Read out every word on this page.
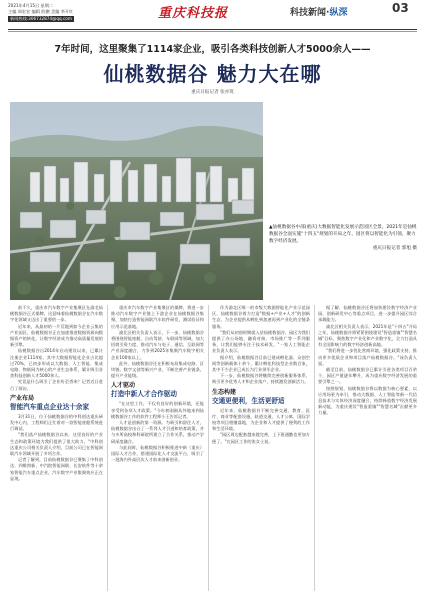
2021年4月15日 星期二
主编 周宏宏 编辑 欧鹏 美编 李开红
新闻热线:306732874@qq.com	重庆科技报	科技新闻·纵深	03
7年时间，这里聚集了1114家企业，吸引各类科技创新人才5000余人——
仙桃数据谷 魅力大在哪
重庆日报记者 张亦筑
▲仙桃数据谷中部(重庆)大数据智能化发展示范园区全景。2021年是仙桃数据谷全面实施"十四五"规划的开局之年，园区将以智能化为引领，聚力数字经济发展。
重庆日报记者 郭旭 摄

前不久，重庆市汽车数字产业集聚区在渝北仙桃数据谷正式揭牌，这意味着仙桃数据谷在汽车数字化领域又迈出了重要的一步。

近年来，从最初的一片荒地到如今企业云集的产业园区，仙桃数据谷正在加速推进数据资源向数据资产的转化，让数字经济成为推动高质量发展的新引擎。

仙桃数据谷自2014年启动建设以来，已累计注册企业1114家，其中大数据智能化企业占比超过70%，已初步形成以大数据、人工智能、集成电路、物联网为核心的产业生态体系，累计吸引各类科技创新人才5000余人。

究竟是什么吸引了企业纷至沓来？记者近日进行了探访。

产业布局

智能汽车重点企业达十余家

3月31日，位于仙桃数据谷的中科创达重庆研发中心内，工程师们正忙着对一款智能座舱系统进行调试。

"我们落户仙桃数据谷以来，这里良好的产业生态和政策环境为我们提供了很大助力。"中科创达重庆公司相关负责人介绍，目前公司已在智能网联汽车领域开展了多项合作。

记者了解到，目前仙桃数据谷已聚集了中科创达、四维图新、中汽院智能网联、长安软件等十余家智能汽车重点企业，汽车数字产业集聚效应正在显现。

重庆市汽车数字产业集聚区的揭牌，将进一步推动汽车数字产业链上下游企业在仙桃数据谷集聚，加快打造智能网联汽车软件研发、测试验证和应用示范基地。

渝北区相关负责人表示，下一步，仙桃数据谷将围绕智能座舱、自动驾驶、车联网等领域，加大招商引资力度，推动汽车与电子、通信、互联网等产业深度融合，力争到2025年集聚汽车数字相关企业100家以上。

此外，仙桃数据谷还在积极布局集成电路、区块链、数字文创等新兴产业，不断完善产业链条，提升产业能级。

人才驱动

打造中新人才合作驱动

"在这里工作，不仅有良好的创新环境，还能享受到各项人才政策。"今年初刚刚从外地来到仙桃数据谷工作的软件工程师小王告诉记者。

人才是创新的第一资源。为吸引和留住人才，仙桃数据谷出台了一系列人才引进和培育政策，并与多所高校和科研院所建立了合作关系，推动产学研深度融合。

与此同时，仙桃数据谷积极推进中新（重庆）国际人才合作，搭建国际化人才交流平台，吸引了一批海内外高层次人才前来创新创业。

作为渝北区唯一的市级大数据智能化产业示范园区，仙桃数据谷着力打造"数据+产业+人才"的创新生态，为企业提供从孵化到加速再到产业化的全链条服务。

"我们从初创时期就入驻仙桃数据谷，园区为我们提供了办公场地、融资对接、市场推广等一系列服务，让我们能够专注于技术研发。"一家人工智能企业负责人表示。

据介绍，仙桃数据谷目前已建成孵化器、众创空间等创新载体十余个，累计孵化科技型企业数百家，其中不少企业已成长为行业领军企业。

下一步，仙桃数据谷将继续完善创新服务体系，吸引更多优秀人才和企业落户，持续激发创新活力。

生态构建

交通更便利，生活更舒适

近年来，仙桃数据谷不断完善交通、教育、医疗、商业等配套设施，轨道交通、人才公寓、国际学校等项目相继落地，为企业和人才提供了便利的工作和生活环境。

"园区周边配套越来越完善，上下班通勤也更加方便了。"在园区工作的张女士说。

据了解，仙桃数据谷还将加快建设数字经济产业园、创新研发中心等重点项目，进一步提升园区综合承载能力。

渝北区相关负责人表示，2021年是"十四五"开局之年，仙桃数据谷将紧紧围绕建设"智造重镇""智慧名城"目标，聚焦数字产业化和产业数字化，全力打造具有全国影响力的数字经济创新高地。

"我们将进一步优化营商环境，强化政策支持，推动更多优质企业和项目落户仙桃数据谷。"该负责人说。

截至目前，仙桃数据谷已累计引进各类项目百余个，园区产值逐年攀升，成为重庆数字经济发展的重要引擎之一。

按照规划，仙桃数据谷将以数据为核心要素，以应用场景为牵引，推动大数据、人工智能等新一代信息技术与实体经济深度融合，持续释放数字经济发展新动能，为重庆建设"智造重镇""智慧名城"贡献更多力量。
